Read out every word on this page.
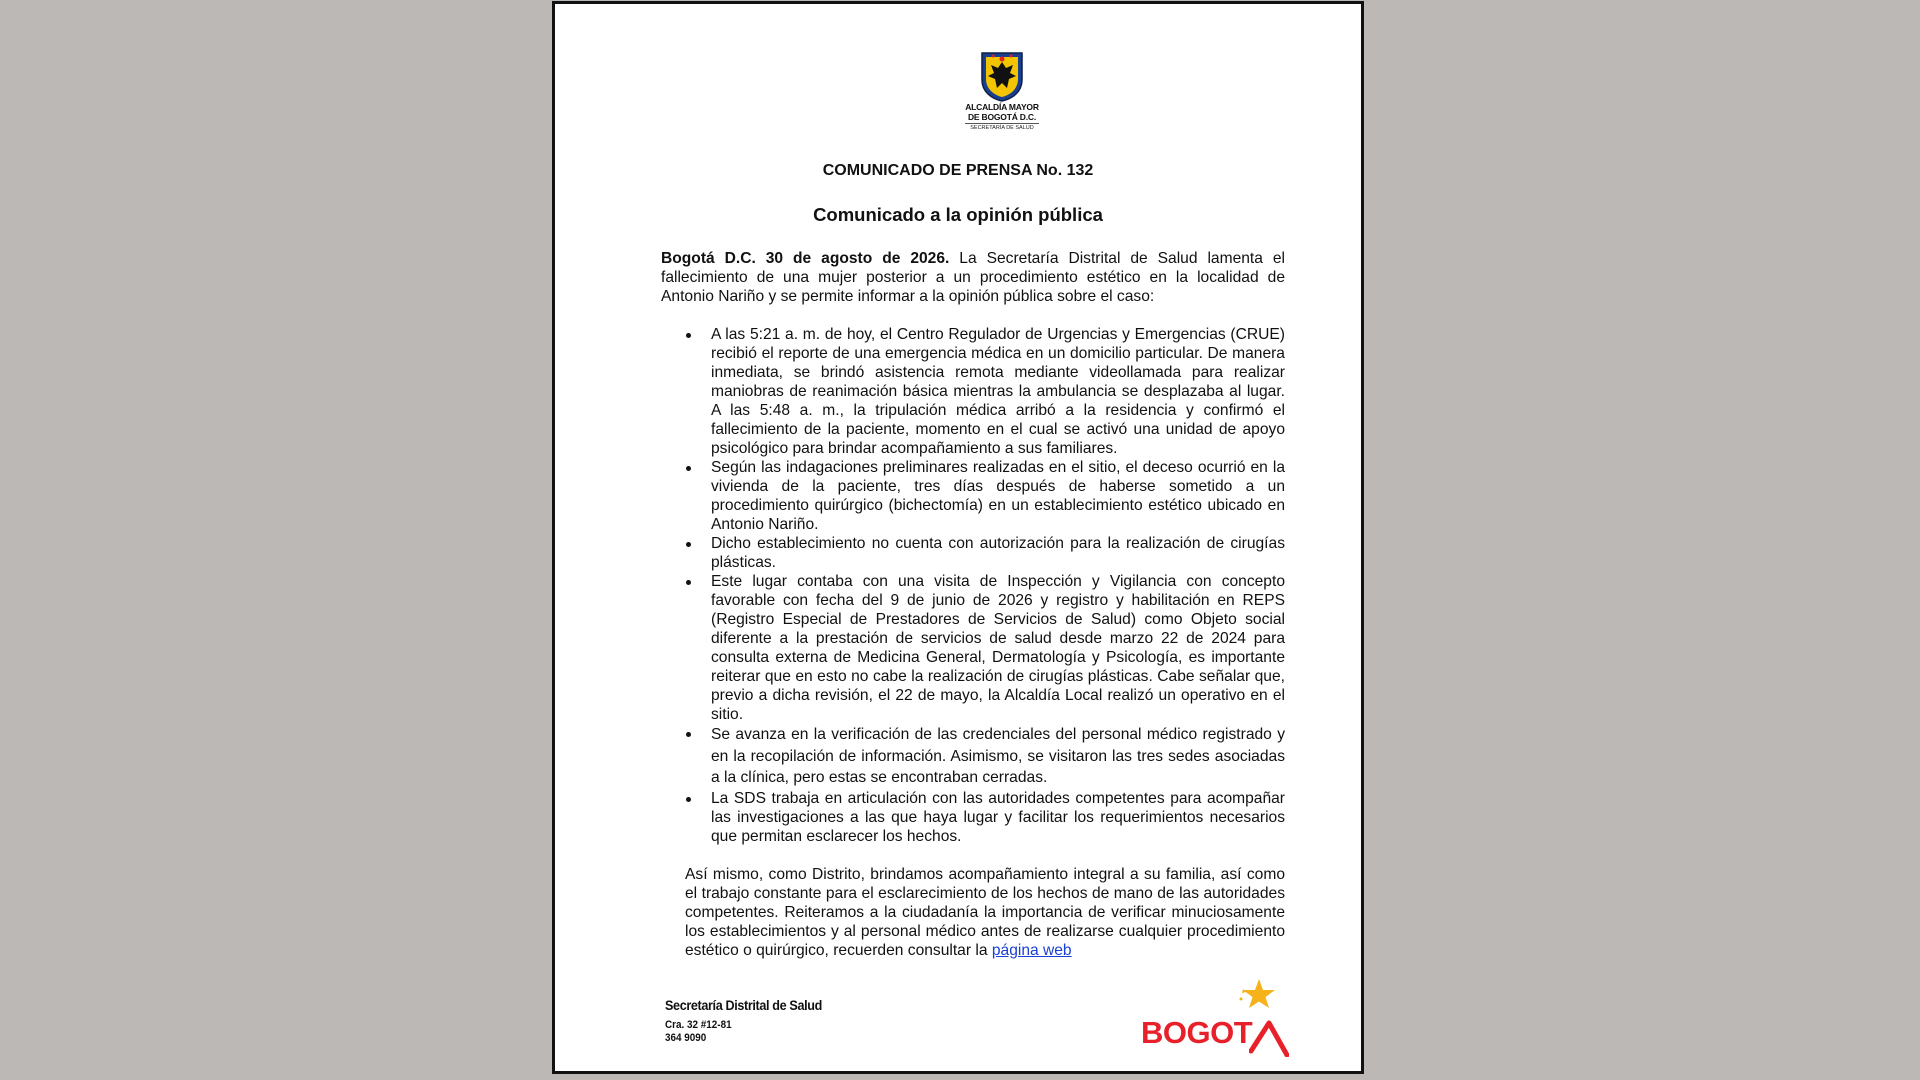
ALCALDÍA MAYOR
DE BOGOTÁ D.C.
SECRETARÍA DE SALUD
COMUNICADO DE PRENSA No. 132
Comunicado a la opinión pública
Bogotá D.C. 30 de agosto de 2026. La Secretaría Distrital de Salud lamenta el fallecimiento de una mujer posterior a un procedimiento estético en la localidad de Antonio Nariño y se permite informar a la opinión pública sobre el caso:
A las 5:21 a. m. de hoy, el Centro Regulador de Urgencias y Emergencias (CRUE) recibió el reporte de una emergencia médica en un domicilio particular. De manera inmediata, se brindó asistencia remota mediante videollamada para realizar maniobras de reanimación básica mientras la ambulancia se desplazaba al lugar. A las 5:48 a. m., la tripulación médica arribó a la residencia y confirmó el fallecimiento de la paciente, momento en el cual se activó una unidad de apoyo psicológico para brindar acompañamiento a sus familiares.
Según las indagaciones preliminares realizadas en el sitio, el deceso ocurrió en la vivienda de la paciente, tres días después de haberse sometido a un procedimiento quirúrgico (bichectomía) en un establecimiento estético ubicado en Antonio Nariño.
Dicho establecimiento no cuenta con autorización para la realización de cirugías plásticas.
Este lugar contaba con una visita de Inspección y Vigilancia con concepto favorable con fecha del 9 de junio de 2026 y registro y habilitación en REPS (Registro Especial de Prestadores de Servicios de Salud) como Objeto social diferente a la prestación de servicios de salud desde marzo 22 de 2024 para consulta externa de Medicina General, Dermatología y Psicología, es importante reiterar que en esto no cabe la realización de cirugías plásticas. Cabe señalar que, previo a dicha revisión, el 22 de mayo, la Alcaldía Local realizó un operativo en el sitio.
Se avanza en la verificación de las credenciales del personal médico registrado y en la recopilación de información. Asimismo, se visitaron las tres sedes asociadas a la clínica, pero estas se encontraban cerradas.
La SDS trabaja en articulación con las autoridades competentes para acompañar las investigaciones a las que haya lugar y facilitar los requerimientos necesarios que permitan esclarecer los hechos.
Así mismo, como Distrito, brindamos acompañamiento integral a su familia, así como el trabajo constante para el esclarecimiento de los hechos de mano de las autoridades competentes. Reiteramos a la ciudadanía la importancia de verificar minuciosamente los establecimientos y al personal médico antes de realizarse cualquier procedimiento estético o quirúrgico, recuerden consultar la página web
Secretaría Distrital de Salud
Cra. 32 #12-81
364 9090	BOGOT
